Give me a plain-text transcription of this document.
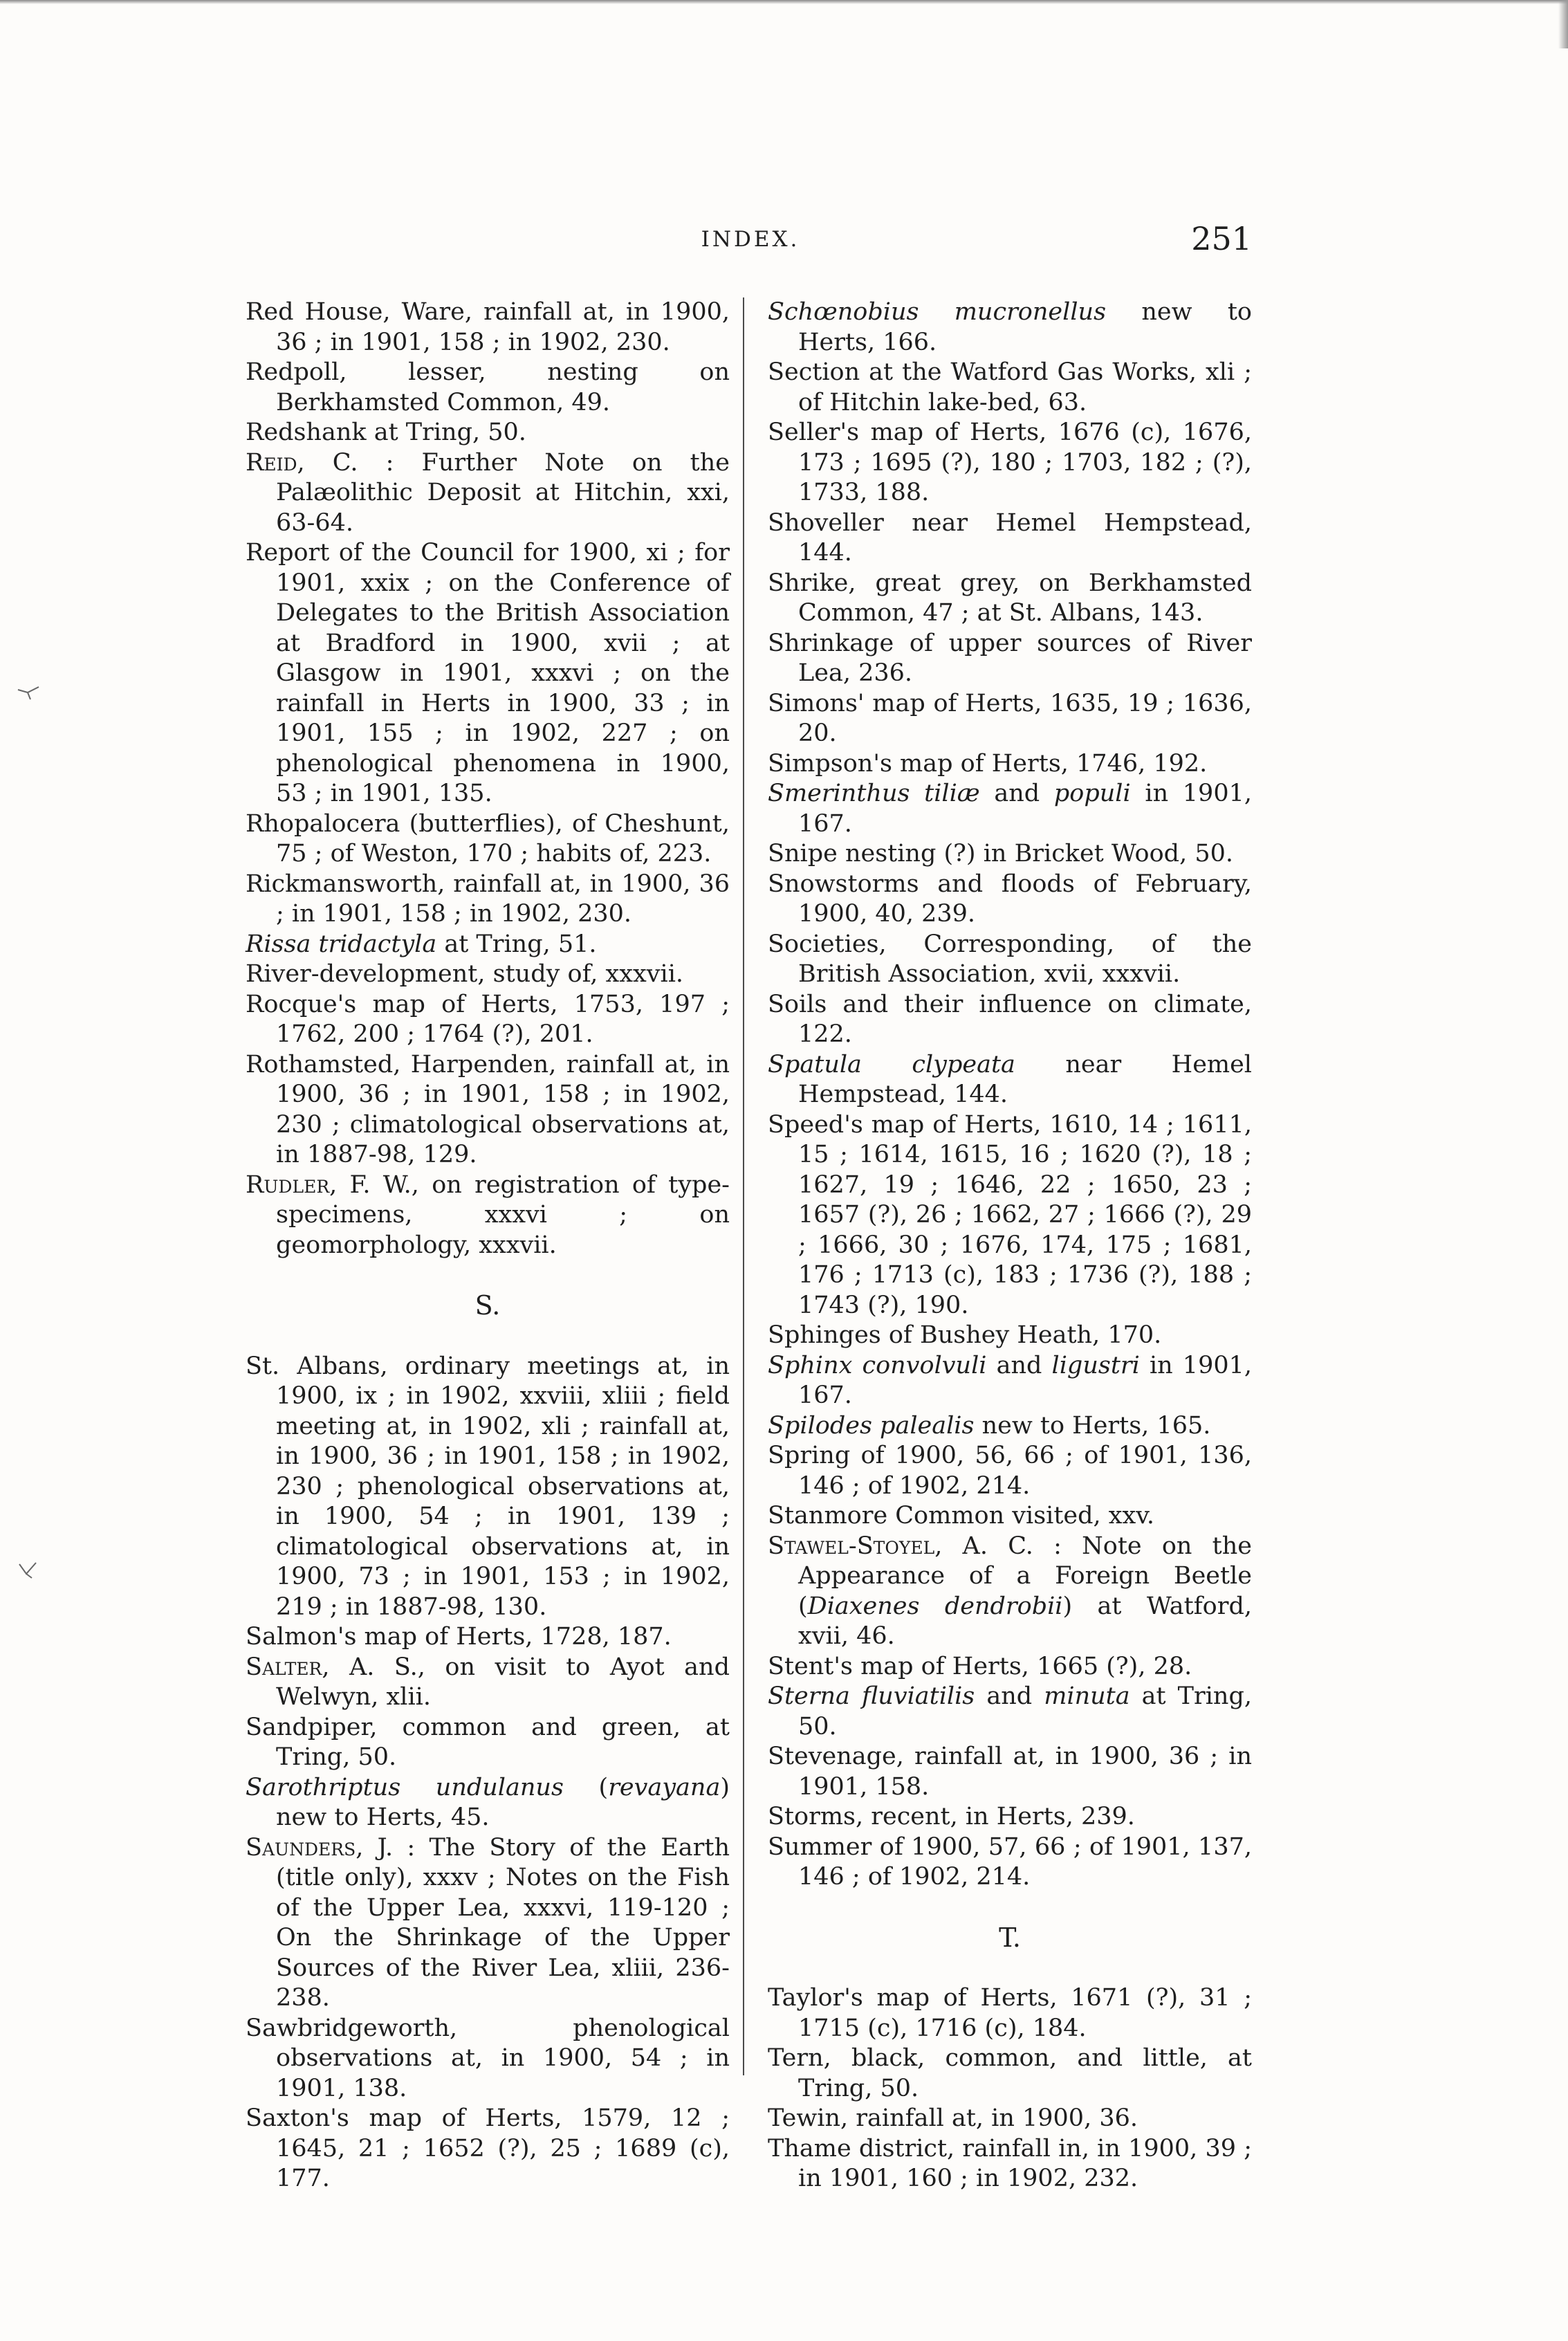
INDEX.	251
Red House, Ware, rainfall at, in 1900, 36 ; in 1901, 158 ; in 1902, 230.
Redpoll, lesser, nesting on Berkhamsted Common, 49.
Redshank at Tring, 50.
Reid, C. : Further Note on the Palæolithic Deposit at Hitchin, xxi, 63-64.
Report of the Council for 1900, xi ; for 1901, xxix ; on the Conference of Delegates to the British Association at Bradford in 1900, xvii ; at Glasgow in 1901, xxxvi ; on the rainfall in Herts in 1900, 33 ; in 1901, 155 ; in 1902, 227 ; on phenological phenomena in 1900, 53 ; in 1901, 135.
Rhopalocera (butterflies), of Cheshunt, 75 ; of Weston, 170 ; habits of, 223.
Rickmansworth, rainfall at, in 1900, 36 ; in 1901, 158 ; in 1902, 230.
Rissa tridactyla at Tring, 51.
River-development, study of, xxxvii.
Rocque's map of Herts, 1753, 197 ; 1762, 200 ; 1764 (?), 201.
Rothamsted, Harpenden, rainfall at, in 1900, 36 ; in 1901, 158 ; in 1902, 230 ; climatological observations at, in 1887-98, 129.
Rudler, F. W., on registration of type-specimens, xxxvi ; on geomorphology, xxxvii.
S.
St. Albans, ordinary meetings at, in 1900, ix ; in 1902, xxviii, xliii ; field meeting at, in 1902, xli ; rainfall at, in 1900, 36 ; in 1901, 158 ; in 1902, 230 ; phenological observations at, in 1900, 54 ; in 1901, 139 ; climatological observations at, in 1900, 73 ; in 1901, 153 ; in 1902, 219 ; in 1887-98, 130.
Salmon's map of Herts, 1728, 187.
Salter, A. S., on visit to Ayot and Welwyn, xlii.
Sandpiper, common and green, at Tring, 50.
Sarothriptus undulanus (revayana) new to Herts, 45.
Saunders, J. : The Story of the Earth (title only), xxxv ; Notes on the Fish of the Upper Lea, xxxvi, 119-120 ; On the Shrinkage of the Upper Sources of the River Lea, xliii, 236-238.
Sawbridgeworth, phenological observations at, in 1900, 54 ; in 1901, 138.
Saxton's map of Herts, 1579, 12 ; 1645, 21 ; 1652 (?), 25 ; 1689 (c), 177.
Schœnobius mucronellus new to Herts, 166.
Section at the Watford Gas Works, xli ; of Hitchin lake-bed, 63.
Seller's map of Herts, 1676 (c), 1676, 173 ; 1695 (?), 180 ; 1703, 182 ; (?), 1733, 188.
Shoveller near Hemel Hempstead, 144.
Shrike, great grey, on Berkhamsted Common, 47 ; at St. Albans, 143.
Shrinkage of upper sources of River Lea, 236.
Simons' map of Herts, 1635, 19 ; 1636, 20.
Simpson's map of Herts, 1746, 192.
Smerinthus tiliæ and populi in 1901, 167.
Snipe nesting (?) in Bricket Wood, 50.
Snowstorms and floods of February, 1900, 40, 239.
Societies, Corresponding, of the British Association, xvii, xxxvii.
Soils and their influence on climate, 122.
Spatula clypeata near Hemel Hempstead, 144.
Speed's map of Herts, 1610, 14 ; 1611, 15 ; 1614, 1615, 16 ; 1620 (?), 18 ; 1627, 19 ; 1646, 22 ; 1650, 23 ; 1657 (?), 26 ; 1662, 27 ; 1666 (?), 29 ; 1666, 30 ; 1676, 174, 175 ; 1681, 176 ; 1713 (c), 183 ; 1736 (?), 188 ; 1743 (?), 190.
Sphinges of Bushey Heath, 170.
Sphinx convolvuli and ligustri in 1901, 167.
Spilodes palealis new to Herts, 165.
Spring of 1900, 56, 66 ; of 1901, 136, 146 ; of 1902, 214.
Stanmore Common visited, xxv.
Stawel-Stoyel, A. C. : Note on the Appearance of a Foreign Beetle (Diaxenes dendrobii) at Watford, xvii, 46.
Stent's map of Herts, 1665 (?), 28.
Sterna fluviatilis and minuta at Tring, 50.
Stevenage, rainfall at, in 1900, 36 ; in 1901, 158.
Storms, recent, in Herts, 239.
Summer of 1900, 57, 66 ; of 1901, 137, 146 ; of 1902, 214.
T.
Taylor's map of Herts, 1671 (?), 31 ; 1715 (c), 1716 (c), 184.
Tern, black, common, and little, at Tring, 50.
Tewin, rainfall at, in 1900, 36.
Thame district, rainfall in, in 1900, 39 ; in 1901, 160 ; in 1902, 232.
